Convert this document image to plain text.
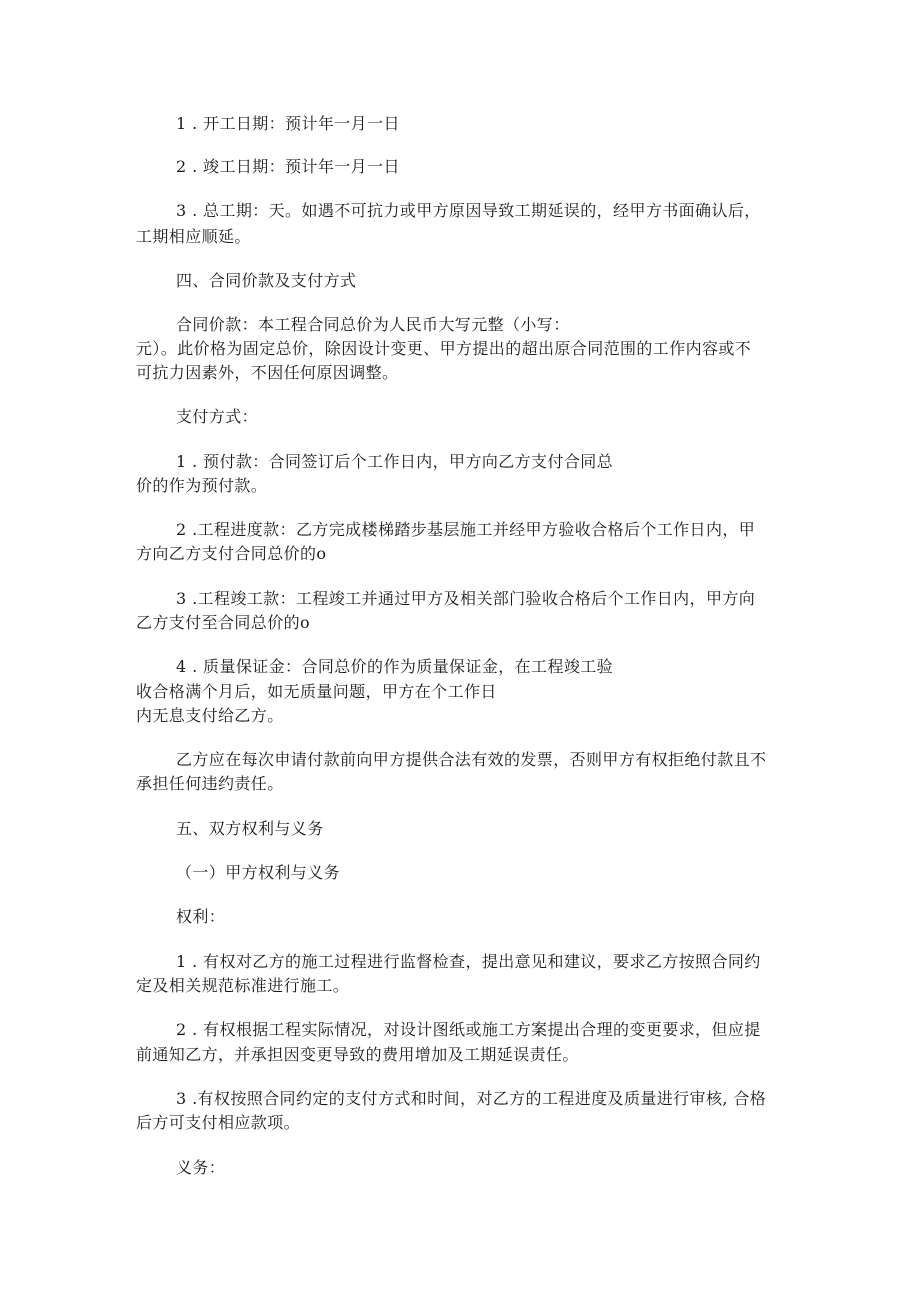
1 . 开工日期：预计年一月一日
2 . 竣工日期：预计年一月一日
3 . 总工期：天。如遇不可抗力或甲方原因导致工期延误的，经甲方书面确认后，
工期相应顺延。
四、合同价款及支付方式
合同价款：本工程合同总价为人民币大写元整（小写：
元）。此价格为固定总价，除因设计变更、甲方提出的超出原合同范围的工作内容或不
可抗力因素外，不因任何原因调整。
支付方式：
1 . 预付款：合同签订后个工作日内，甲方向乙方支付合同总
价的作为预付款。
2 .工程进度款：乙方完成楼梯踏步基层施工并经甲方验收合格后个工作日内，甲
方向乙方支付合同总价的o
3 .工程竣工款：工程竣工并通过甲方及相关部门验收合格后个工作日内，甲方向
乙方支付至合同总价的o
4 . 质量保证金：合同总价的作为质量保证金，在工程竣工验
收合格满个月后，如无质量问题，甲方在个工作日
内无息支付给乙方。
乙方应在每次申请付款前向甲方提供合法有效的发票，否则甲方有权拒绝付款且不
承担任何违约责任。
五、双方权利与义务
（一）甲方权利与义务
权利：
1 . 有权对乙方的施工过程进行监督检查，提出意见和建议，要求乙方按照合同约
定及相关规范标准进行施工。
2 . 有权根据工程实际情况，对设计图纸或施工方案提出合理的变更要求，但应提
前通知乙方，并承担因变更导致的费用增加及工期延误责任。
3 .有权按照合同约定的支付方式和时间，对乙方的工程进度及质量进行审核, 合格
后方可支付相应款项。
义务：
